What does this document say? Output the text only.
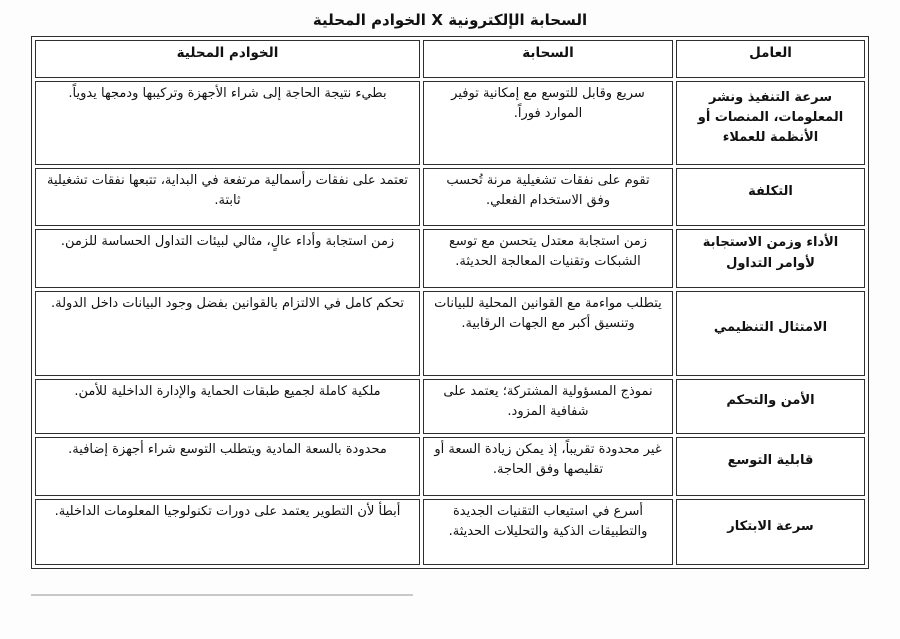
السحابة الإلكترونية X الخوادم المحلية
العامل	السحابة	الخوادم المحلية
سرعة التنفيذ ونشر المعلومات، المنصات أو الأنظمة للعملاء	سريع وقابل للتوسع مع إمكانية توفير الموارد فوراً.	بطيء نتيجة الحاجة إلى شراء الأجهزة وتركيبها ودمجها يدوياً.
التكلفة	تقوم على نفقات تشغيلية مرنة تُحسب وفق الاستخدام الفعلي.	تعتمد على نفقات رأسمالية مرتفعة في البداية، تتبعها نفقات تشغيلية ثابتة.
الأداء وزمن الاستجابة لأوامر التداول	زمن استجابة معتدل يتحسن مع توسع الشبكات وتقنيات المعالجة الحديثة.	زمن استجابة وأداء عالٍ، مثالي لبيئات التداول الحساسة للزمن.
الامتثال التنظيمي	يتطلب مواءمة مع القوانين المحلية للبيانات وتنسيق أكبر مع الجهات الرقابية.	تحكم كامل في الالتزام بالقوانين بفضل وجود البيانات داخل الدولة.
الأمن والتحكم	نموذج المسؤولية المشتركة؛ يعتمد على شفافية المزود.	ملكية كاملة لجميع طبقات الحماية والإدارة الداخلية للأمن.
قابلية التوسع	غير محدودة تقريباً، إذ يمكن زيادة السعة أو تقليصها وفق الحاجة.	محدودة بالسعة المادية ويتطلب التوسع شراء أجهزة إضافية.
سرعة الابتكار	أسرع في استيعاب التقنيات الجديدة والتطبيقات الذكية والتحليلات الحديثة.	أبطأ لأن التطوير يعتمد على دورات تكنولوجيا المعلومات الداخلية.
